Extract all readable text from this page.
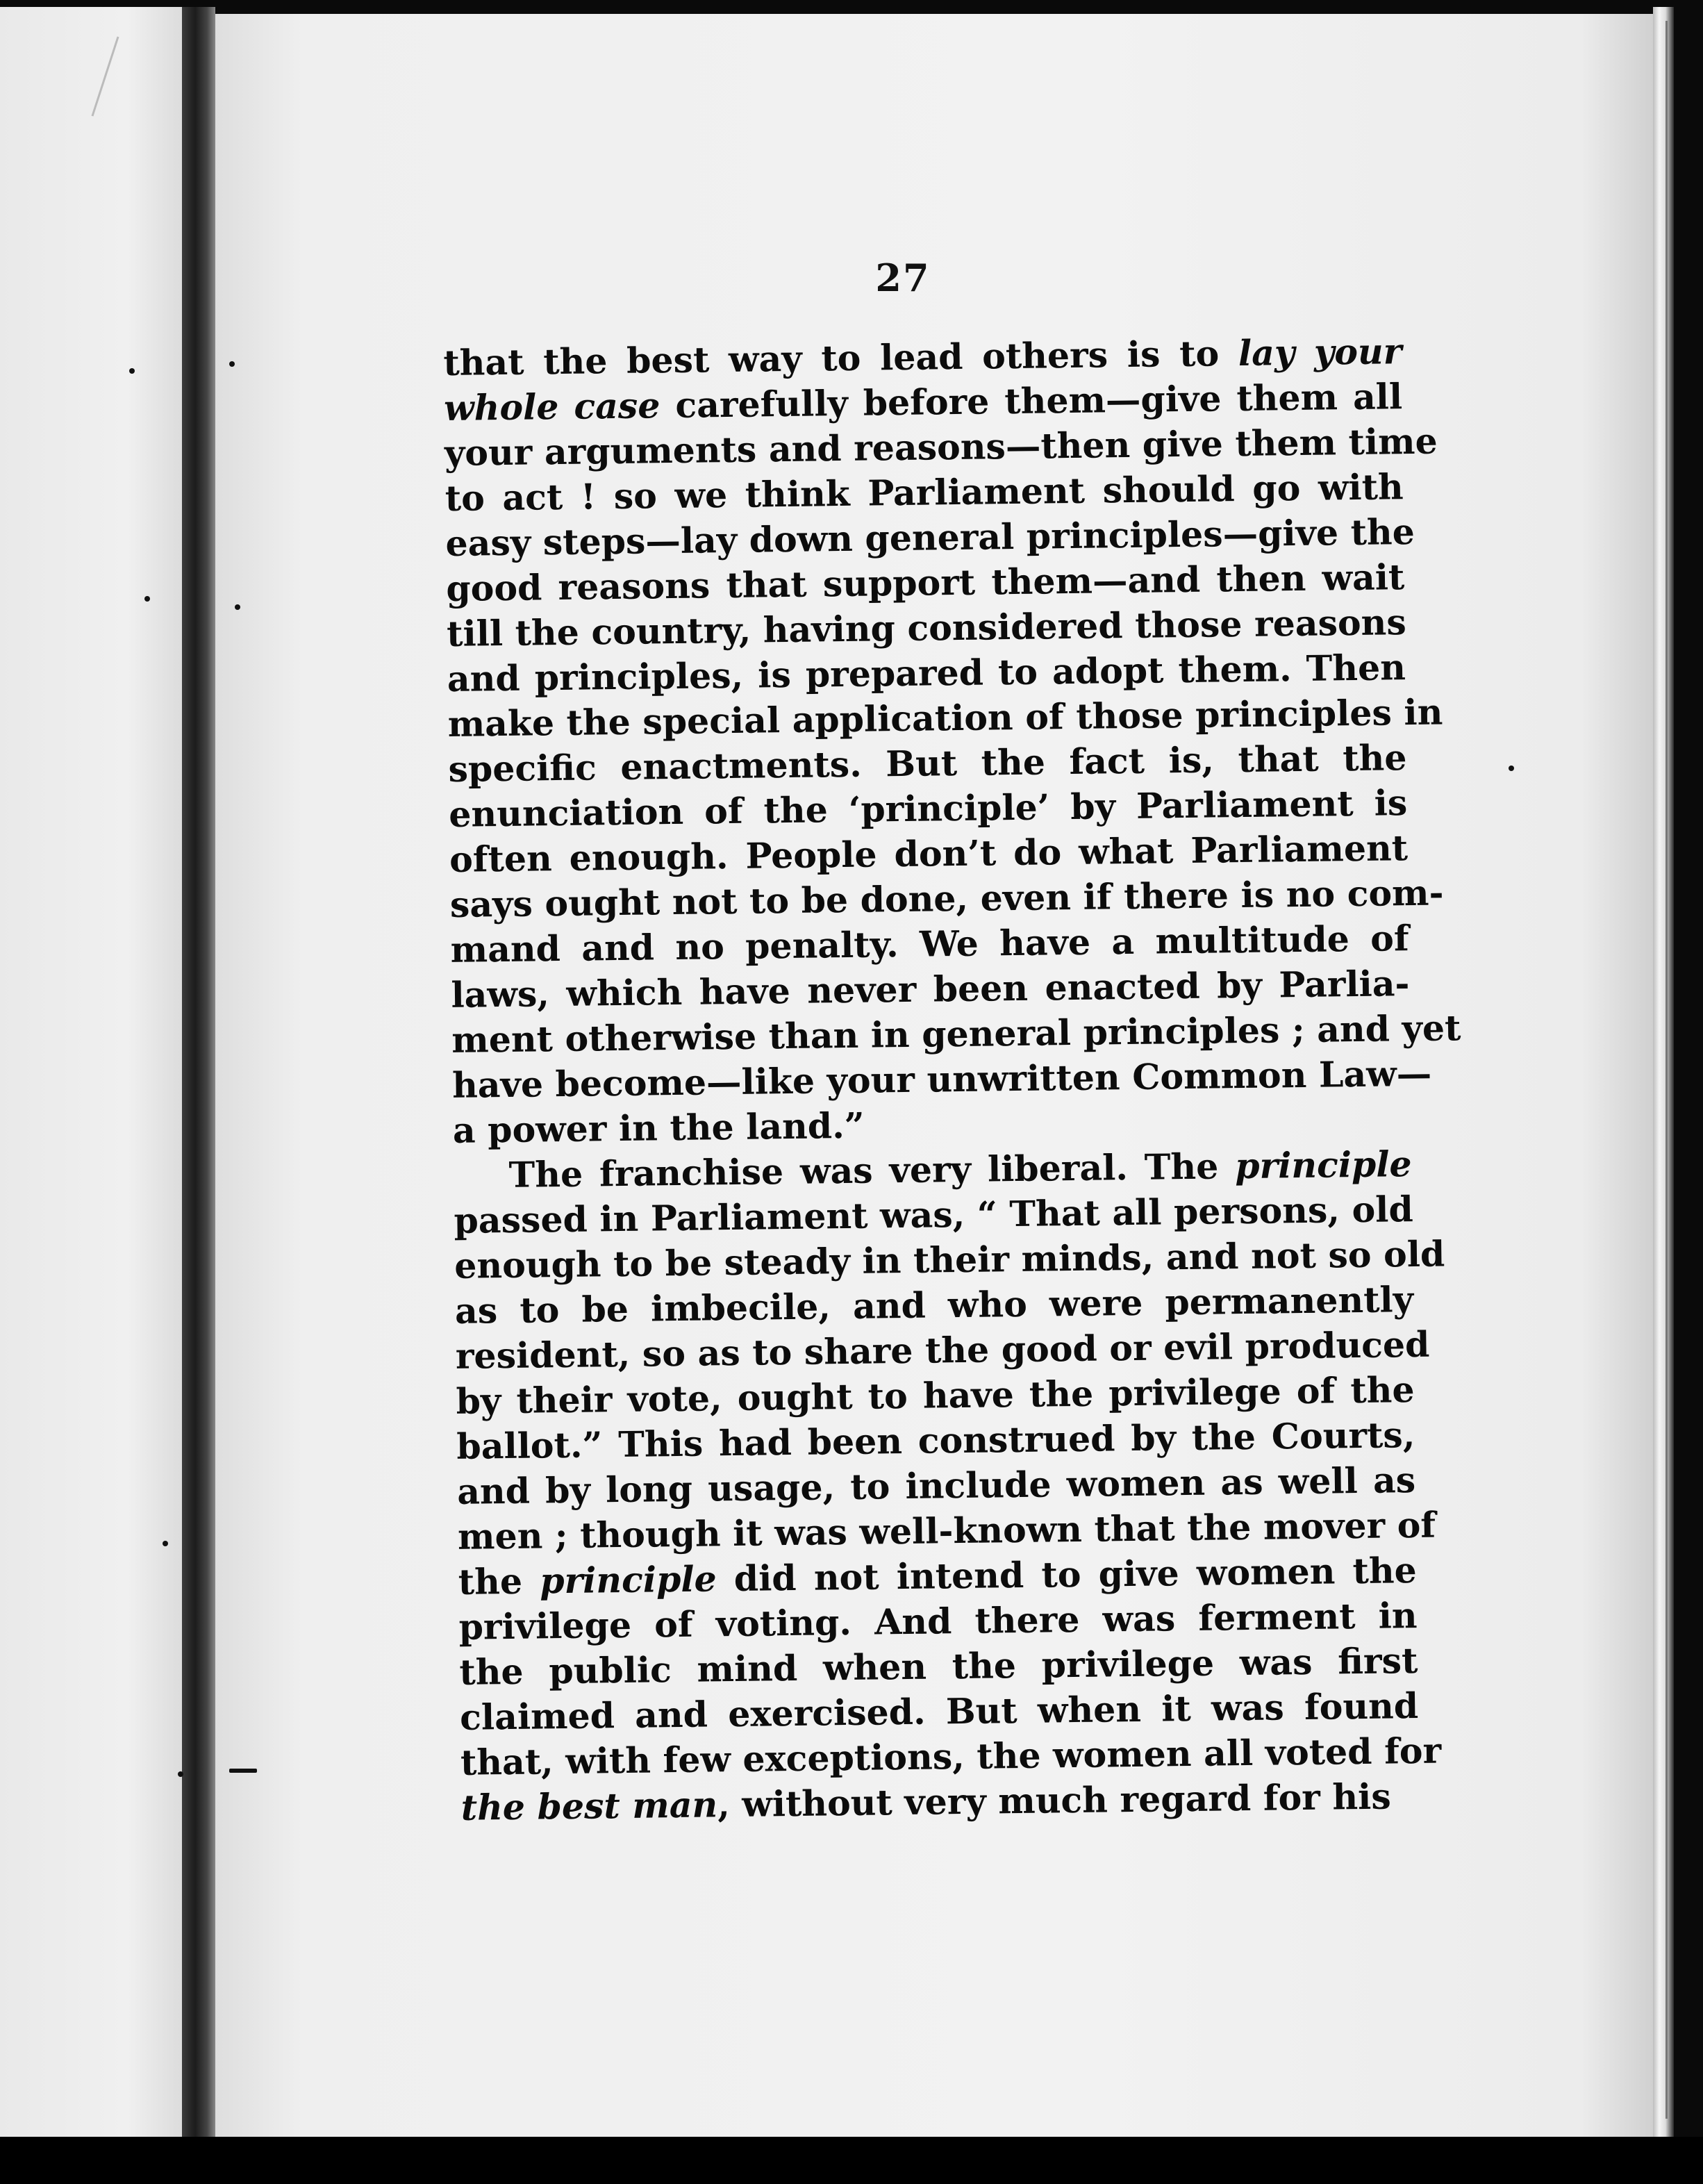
27
that the best way to lead others is to lay your
whole case carefully before them—give them all
your arguments and reasons—then give them time
to act ! so we think Parliament should go with
easy steps—lay down general principles—give the
good reasons that support them—and then wait
till the country, having considered those reasons
and principles, is prepared to adopt them. Then
make the special application of those principles in
specific enactments. But the fact is, that the
enunciation of the ‘principle’ by Parliament is
often enough. People don’t do what Parliament
says ought not to be done, even if there is no com-
mand and no penalty. We have a multitude of
laws, which have never been enacted by Parlia-
ment otherwise than in general principles ; and yet
have become—like your unwritten Common Law—
a power in the land.”
The franchise was very liberal. The principle
passed in Parliament was, “ That all persons, old
enough to be steady in their minds, and not so old
as to be imbecile, and who were permanently
resident, so as to share the good or evil produced
by their vote, ought to have the privilege of the
ballot.” This had been construed by the Courts,
and by long usage, to include women as well as
men ; though it was well-known that the mover of
the principle did not intend to give women the
privilege of voting. And there was ferment in
the public mind when the privilege was first
claimed and exercised. But when it was found
that, with few exceptions, the women all voted for
the best man, without very much regard for his
